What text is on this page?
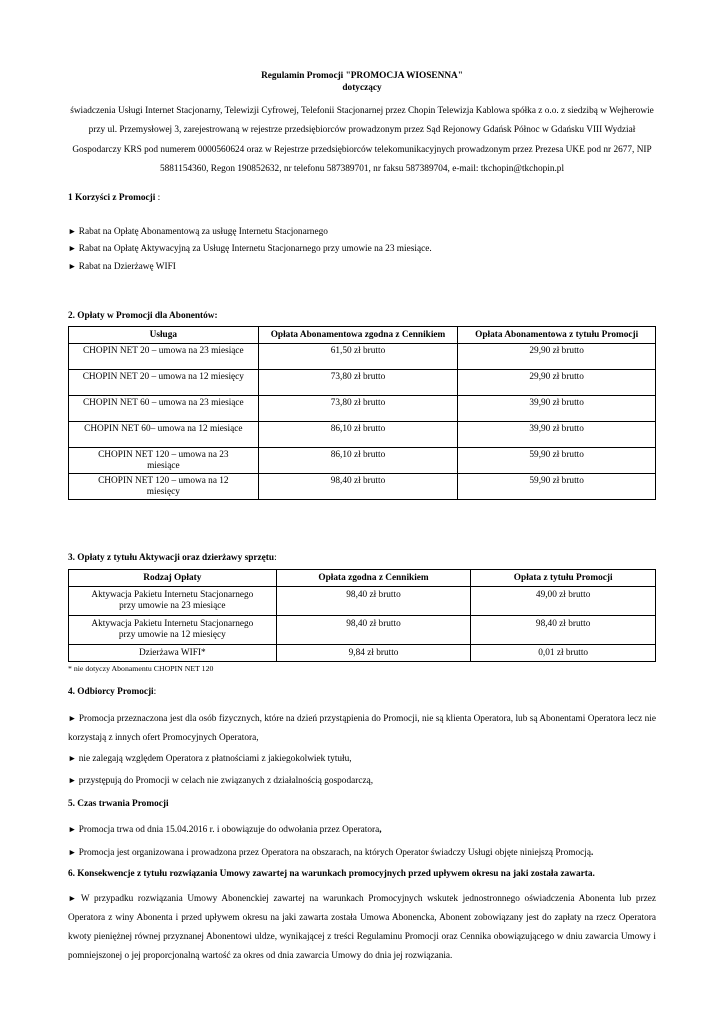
Regulamin Promocji "PROMOCJA WIOSENNA"
dotyczący
świadczenia Usługi Internet Stacjonarny, Telewizji Cyfrowej, Telefonii Stacjonarnej przez Chopin Telewizja Kablowa spółka z o.o. z siedzibą w Wejherowie przy ul. Przemysłowej 3, zarejestrowaną w rejestrze przedsiębiorców prowadzonym przez Sąd Rejonowy Gdańsk Północ w Gdańsku VIII Wydział Gospodarczy KRS pod numerem 0000560624 oraz w Rejestrze przedsiębiorców telekomunikacyjnych prowadzonym przez Prezesa UKE pod nr 2677, NIP 5881154360, Regon 190852632, nr telefonu 587389701, nr faksu 587389704, e-mail: tkchopin@tkchopin.pl
1 Korzyści z Promocji :
► Rabat na Opłatę Abonamentową za usługę Internetu Stacjonarnego
► Rabat na Opłatę Aktywacyjną za Usługę Internetu Stacjonarnego przy umowie na 23 miesiące.
► Rabat na Dzierżawę WIFI
2. Opłaty w Promocji dla Abonentów:
Usługa	Opłata Abonamentowa zgodna z Cennikiem	Opłata Abonamentowa z tytułu Promocji
CHOPIN NET 20 – umowa na 23 miesiące	61,50 zł brutto	29,90 zł brutto
CHOPIN NET 20 – umowa na 12 miesięcy	73,80 zł brutto	29,90 zł brutto
CHOPIN NET 60 – umowa na 23 miesiące	73,80 zł brutto	39,90 zł brutto
CHOPIN NET 60– umowa na 12 miesiące	86,10 zł brutto	39,90 zł brutto
CHOPIN NET 120 – umowa na 23 miesiące	86,10 zł brutto	59,90 zł brutto
CHOPIN NET 120 – umowa na 12 miesięcy	98,40 zł brutto	59,90 zł brutto
3. Opłaty z tytułu Aktywacji oraz dzierżawy sprzętu:
Rodzaj Opłaty	Opłata zgodna z Cennikiem	Opłata z tytułu Promocji
Aktywacja Pakietu Internetu Stacjonarnego przy umowie na 23 miesiące	98,40 zł brutto	49,00 zł brutto
Aktywacja Pakietu Internetu Stacjonarnego przy umowie na 12 miesięcy	98,40 zł brutto	98,40 zł brutto
Dzierżawa WIFI*	9,84 zł brutto	0,01 zł brutto
* nie dotyczy Abonamentu CHOPIN NET 120
4. Odbiorcy Promocji:
► Promocja przeznaczona jest dla osób fizycznych, które na dzień przystąpienia do Promocji, nie są klienta Operatora, lub są Abonentami Operatora lecz nie korzystają z innych ofert Promocyjnych Operatora,
► nie zalegają względem Operatora z płatnościami z jakiegokolwiek tytułu,
► przystępują do Promocji w celach nie związanych z działalnością gospodarczą,
5. Czas trwania Promocji
► Promocja trwa od dnia 15.04.2016 r. i obowiązuje do odwołania przez Operatora,
► Promocja jest organizowana i prowadzona przez Operatora na obszarach, na których Operator świadczy Usługi objęte niniejszą Promocją.
6. Konsekwencje z tytułu rozwiązania Umowy zawartej na warunkach promocyjnych przed upływem okresu na jaki została zawarta.
► W przypadku rozwiązania Umowy Abonenckiej zawartej na warunkach Promocyjnych wskutek jednostronnego oświadczenia Abonenta lub przez Operatora z winy Abonenta i przed upływem okresu na jaki zawarta została Umowa Abonencka, Abonent zobowiązany jest do zapłaty na rzecz Operatora kwoty pieniężnej równej przyznanej Abonentowi uldze, wynikającej z treści Regulaminu Promocji oraz Cennika obowiązującego w dniu zawarcia Umowy i pomniejszonej o jej proporcjonalną wartość za okres od dnia zawarcia Umowy do dnia jej rozwiązania.
